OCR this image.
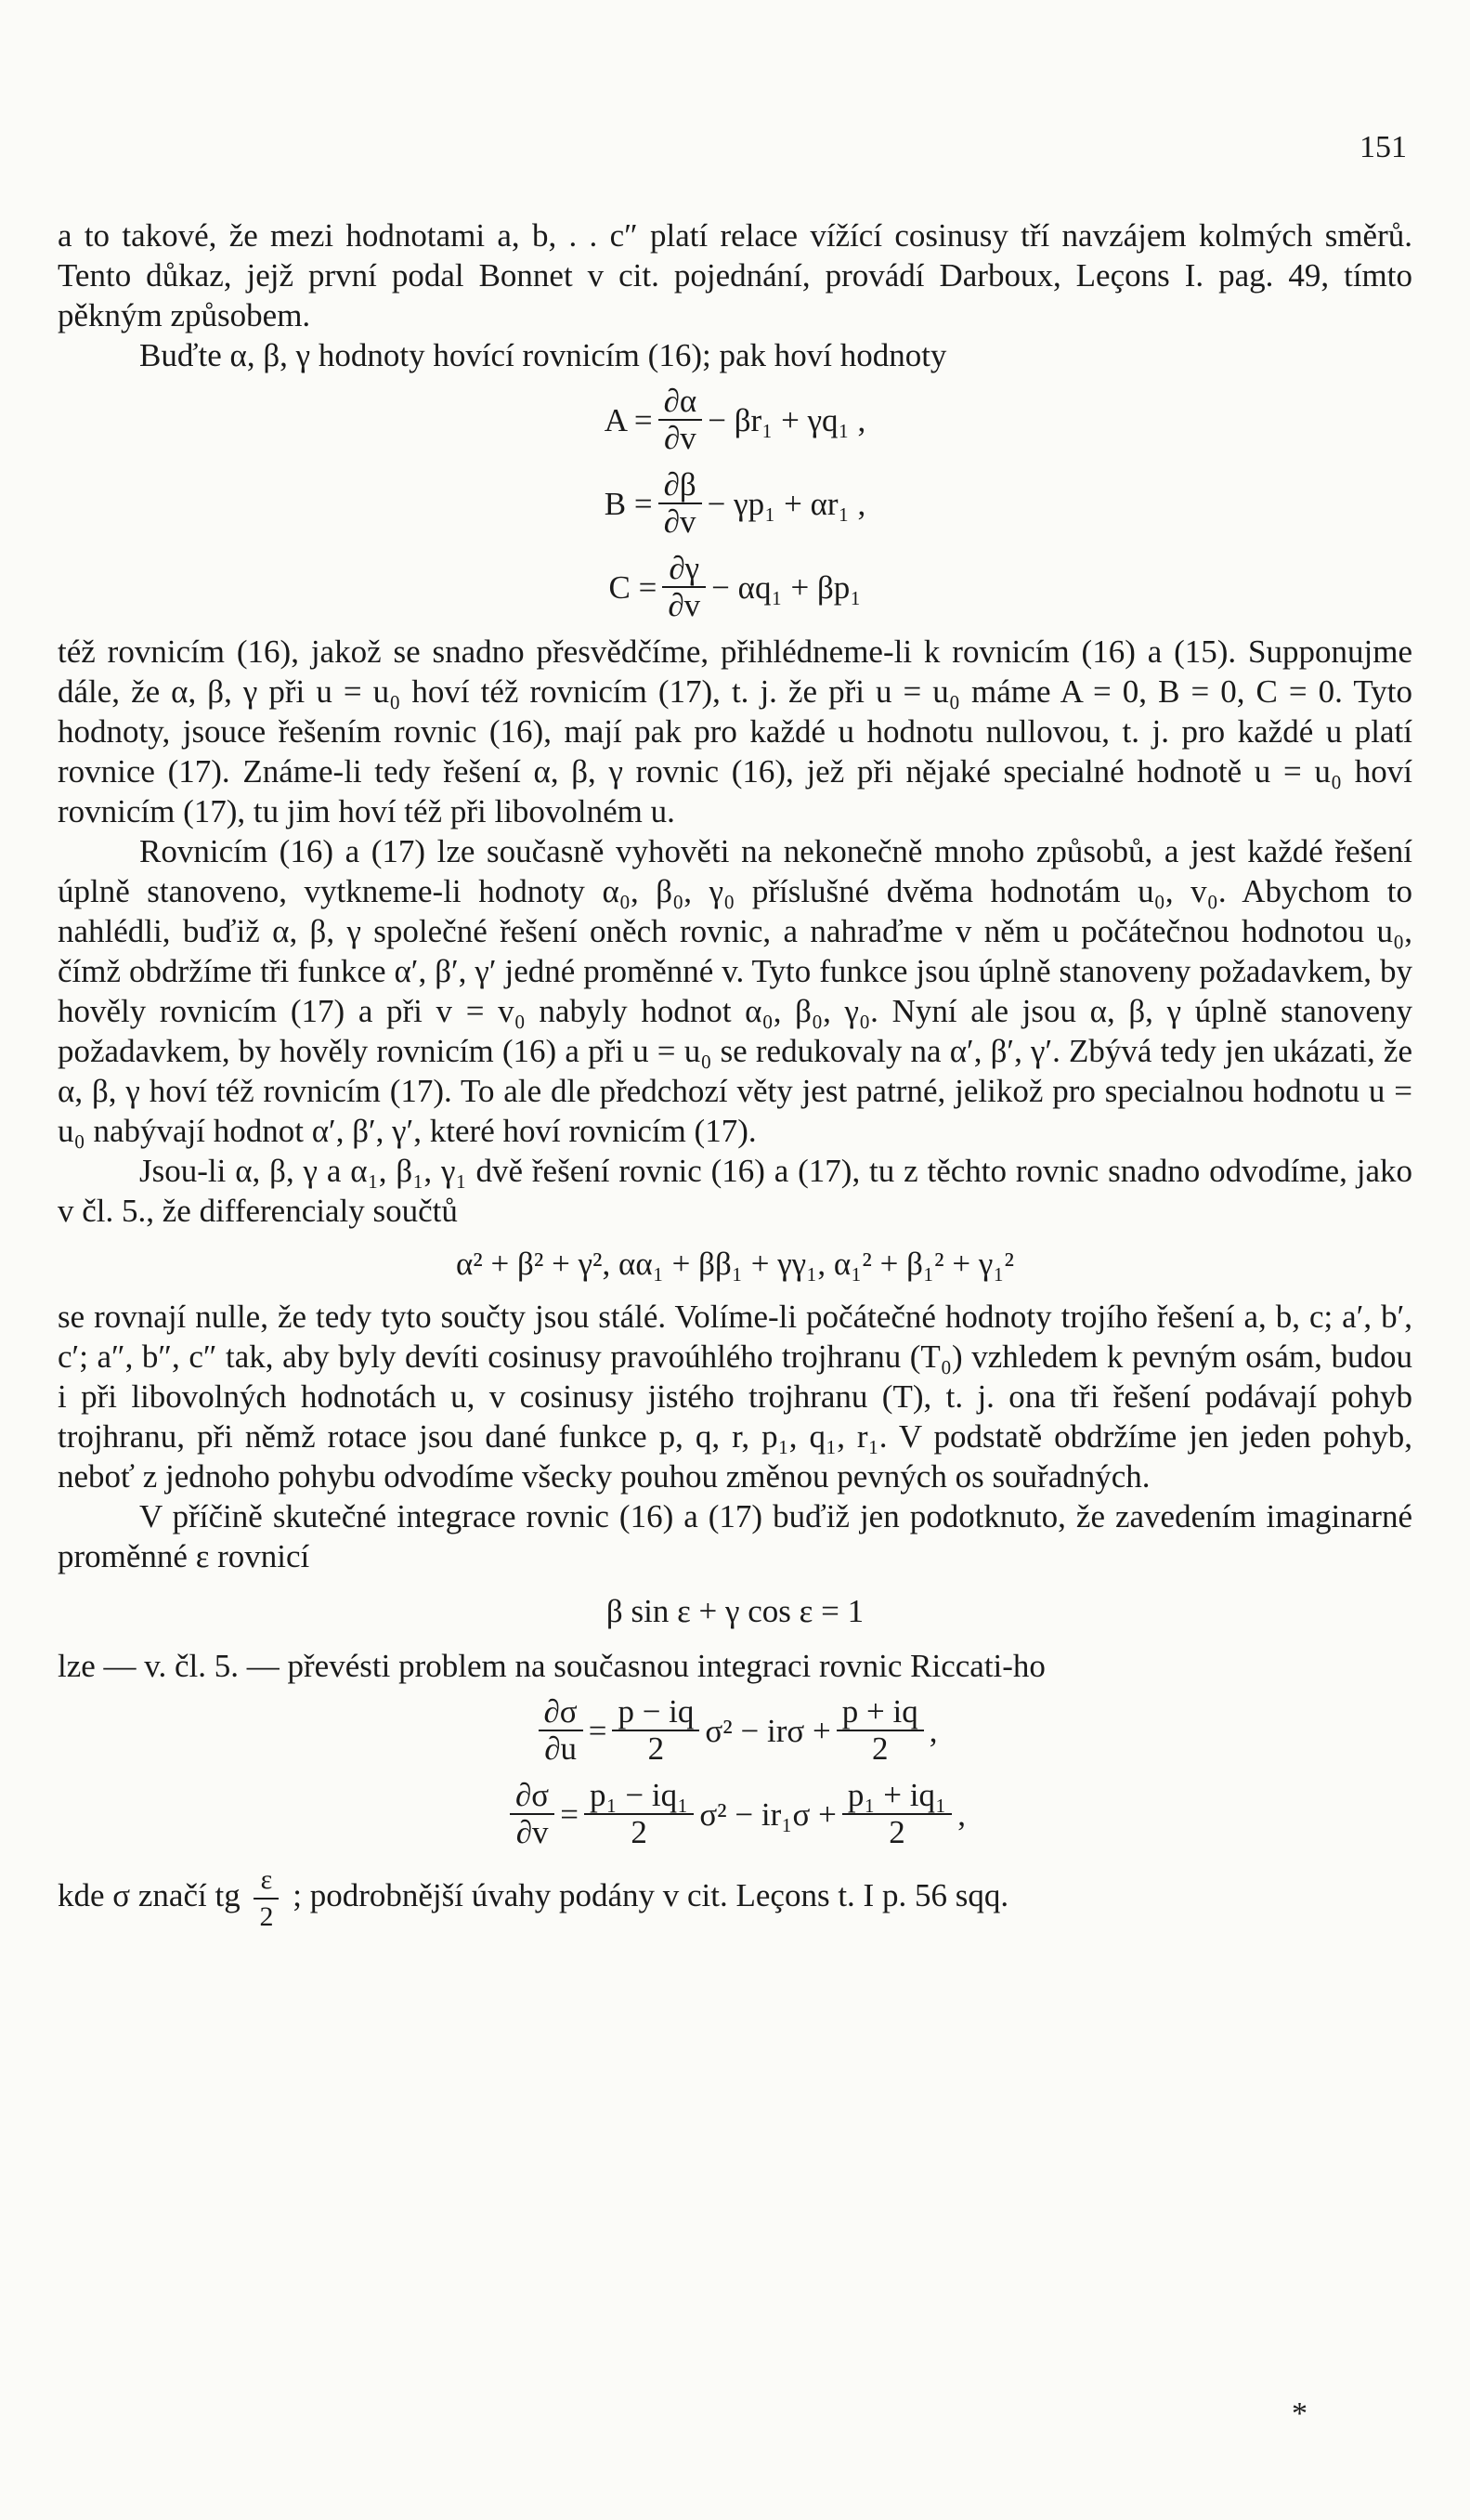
151

a to takové, že mezi hodnotami a, b, . . c″ platí relace vížící cosinusy tří navzájem kolmých směrů. Tento důkaz, jejž první podal Bonnet v cit. pojednání, provádí Darboux, Leçons I. pag. 49, tímto pěkným způsobem.

Buďte α, β, γ hodnoty hovící rovnicím (16); pak hoví hodnoty

$A = \frac{\partial\alpha}{\partial v} - \beta r_1 + \gamma q_1$ ,
$B = \frac{\partial\beta}{\partial v} - \gamma p_1 + \alpha r_1$ ,
$C = \frac{\partial\gamma}{\partial v} - \alpha q_1 + \beta p_1$

též rovnicím (16), jakož se snadno přesvědčíme, přihlédneme-li k rovnicím (16) a (15). Supponujme dále, že α, β, γ při u = u₀ hoví též rovnicím (17), t. j. že při u = u₀ máme A = 0, B = 0, C = 0. Tyto hodnoty, jsouce řešením rovnic (16), mají pak pro každé u hodnotu nullovou, t. j. pro každé u platí rovnice (17). Známe-li tedy řešení α, β, γ rovnic (16), jež při nějaké specialné hodnotě u = u₀ hoví rovnicím (17), tu jim hoví též při libovolném u.

Rovnicím (16) a (17) lze současně vyhověti na nekonečně mnoho způsobů, a jest každé řešení úplně stanoveno, vytkneme-li hodnoty α₀, β₀, γ₀ příslušné dvěma hodnotám u₀, v₀. Abychom to nahlédli, buďiž α, β, γ společné řešení oněch rovnic, a nahraďme v něm u počátečnou hodnotou u₀, čímž obdržíme tři funkce α′, β′, γ′ jedné proměnné v. Tyto funkce jsou úplně stanoveny požadavkem, by hověly rovnicím (17) a při v = v₀ nabyly hodnot α₀, β₀, γ₀. Nyní ale jsou α, β, γ úplně stanoveny požadavkem, by hověly rovnicím (16) a při u = u₀ se redukovaly na α′, β′, γ′. Zbývá tedy jen ukázati, že α, β, γ hoví též rovnicím (17). To ale dle předchozí věty jest patrné, jelikož pro specialnou hodnotu u = u₀ nabývají hodnot α′, β′, γ′, které hoví rovnicím (17).

Jsou-li α, β, γ a α₁, β₁, γ₁ dvě řešení rovnic (16) a (17), tu z těchto rovnic snadno odvodíme, jako v čl. 5., že differencialy součtů

α² + β² + γ², αα₁ + ββ₁ + γγ₁, α₁² + β₁² + γ₁²

se rovnají nulle, že tedy tyto součty jsou stálé. Volíme-li počátečné hodnoty trojího řešení a, b, c; a′, b′, c′; a″, b″, c″ tak, aby byly devíti cosinusy pravoúhlého trojhranu (T₀) vzhledem k pevným osám, budou i při libovolných hodnotách u, v cosinusy jistého trojhranu (T), t. j. ona tři řešení podávají pohyb trojhranu, při němž rotace jsou dané funkce p, q, r, p₁, q₁, r₁. V podstatě obdržíme jen jeden pohyb, neboť z jednoho pohybu odvodíme všecky pouhou změnou pevných os souřadných.

V příčině skutečné integrace rovnic (16) a (17) buďiž jen podotknuto, že zavedením imaginarné proměnné ε rovnicí

β sin ε + γ cos ε = 1

lze — v. čl. 5. — převésti problem na současnou integraci rovnic Riccati-ho

$\frac{\partial\sigma}{\partial u} = \frac{p - iq}{2} \sigma^2 - ir\sigma + \frac{p + iq}{2}$ ,
$\frac{\partial\sigma}{\partial v} = \frac{\text{p₁ − iq₁}}{2} \sigma^2 - ir_1\sigma + \frac{\text{p₁ + iq₁}}{2}$ ,

kde σ značí tg $\frac{\varepsilon}{2}$ ; podrobnější úvahy podány v cit. Leçons t. I p. 56 sqq.

*
